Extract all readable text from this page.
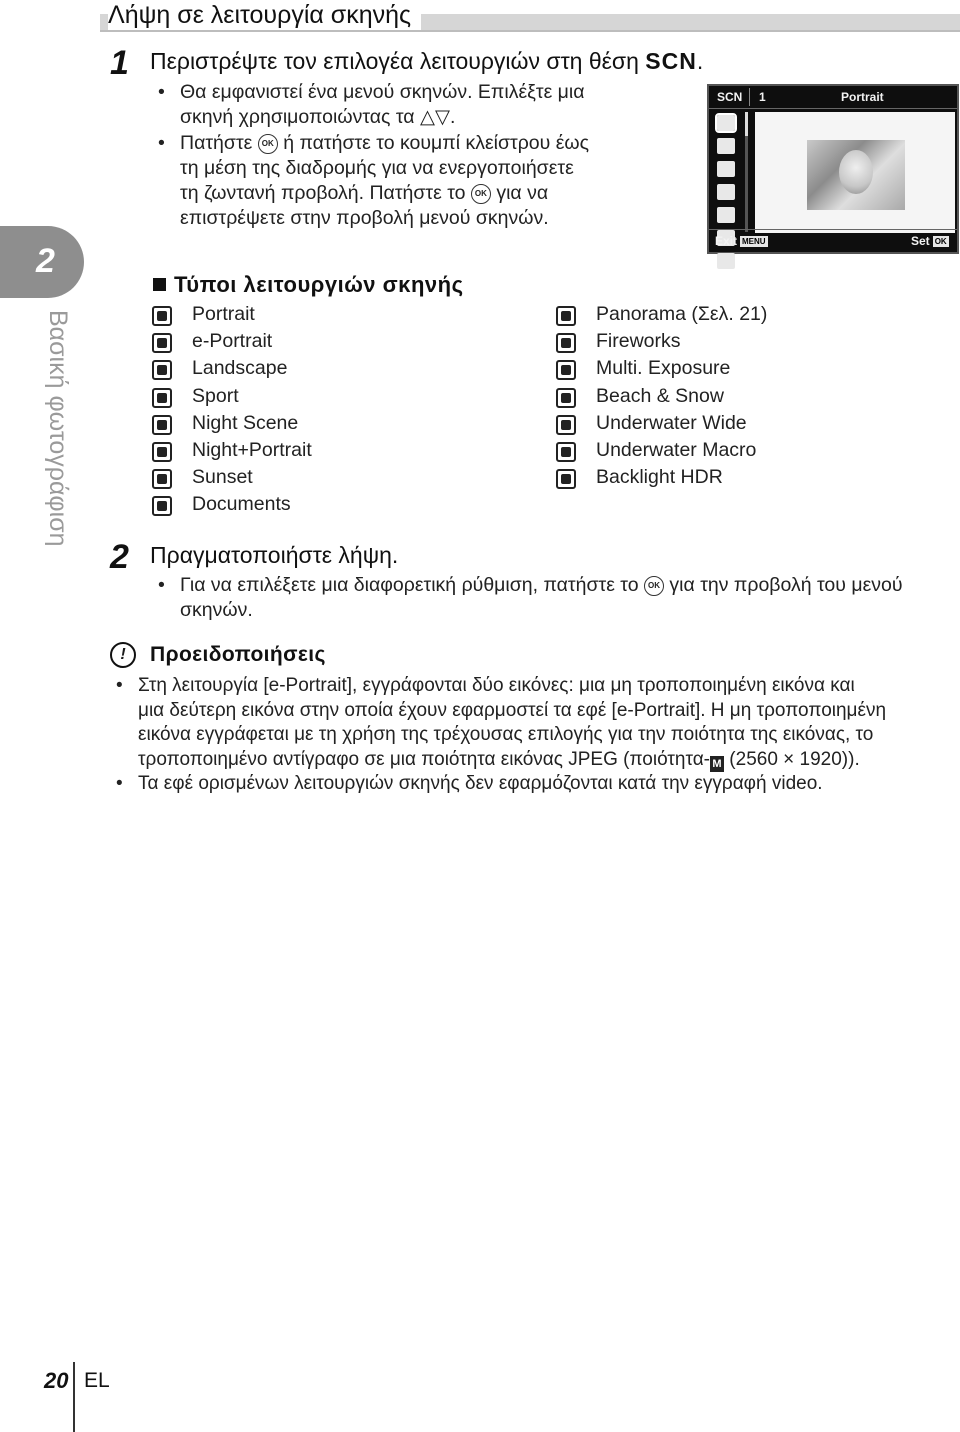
Λήψη σε λειτουργία σκηνής
2
Βασική φωτογράφιση
1 Περιστρέψτε τον επιλογέα λειτουργιών στη θέση SCN.
• Θα εμφανιστεί ένα μενού σκηνών. Επιλέξτε μια
σκηνή χρησιμοποιώντας τα △▽.
• Πατήστε OK ή πατήστε το κουμπί κλείστρου έως
τη μέση της διαδρομής για να ενεργοποιήσετε
τη ζωντανή προβολή. Πατήστε το OK για να
επιστρέψετε στην προβολή μενού σκηνών.
SCN 1	Portrait
Exit MENU	Set OK
Τύποι λειτουργιών σκηνής
Portrait
e-Portrait
Landscape
Sport
Night Scene
Night+Portrait
Sunset
Documents
Panorama (Σελ. 21)
Fireworks
Multi. Exposure
Beach & Snow
Underwater Wide
Underwater Macro
Backlight HDR
2 Πραγματοποιήστε λήψη.
• Για να επιλέξετε μια διαφορετική ρύθμιση, πατήστε το OK για την προβολή του μενού
σκηνών.
!	Προειδοποιήσεις
• Στη λειτουργία [e-Portrait], εγγράφονται δύο εικόνες: μια μη τροποποιημένη εικόνα και
μια δεύτερη εικόνα στην οποία έχουν εφαρμοστεί τα εφέ [e-Portrait]. Η μη τροποποιημένη
εικόνα εγγράφεται με τη χρήση της τρέχουσας επιλογής για την ποιότητα της εικόνας, το
τροποποιημένο αντίγραφο σε μια ποιότητα εικόνας JPEG (ποιότητα- M (2560 × 1920)).
• Τα εφέ ορισμένων λειτουργιών σκηνής δεν εφαρμόζονται κατά την εγγραφή video.
20 EL
